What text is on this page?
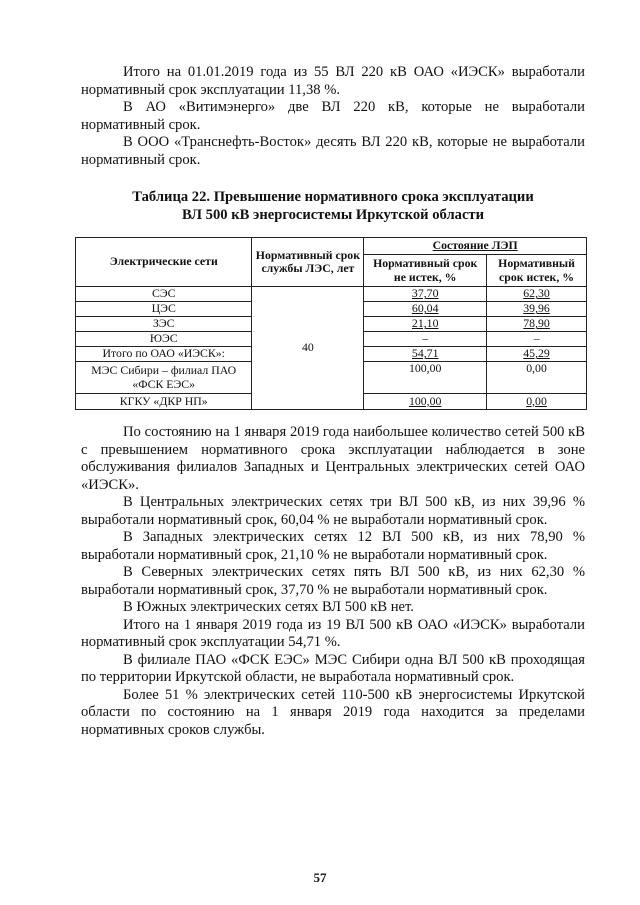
Итого на 01.01.2019 года из 55 ВЛ 220 кВ ОАО «ИЭСК» выработали нормативный срок эксплуатации 11,38 %.

В АО «Витимэнерго» две ВЛ 220 кВ, которые не выработали нормативный срок.

В ООО «Транснефть-Восток» десять ВЛ 220 кВ, которые не выработали нормативный срок.

Таблица 22. Превышение нормативного срока эксплуатации
ВЛ 500 кВ энергосистемы Иркутской области
Электрические сети	Нормативный срок службы ЛЭС, лет	Состояние ЛЭП	
		Нормативный срок не истек, %	Нормативный срок истек, %
СЭС	40	37,70	62,30
ЦЭС		60,04	39,96
ЗЭС		21,10	78,90
ЮЭС		–	–
Итого по ОАО «ИЭСК»:		54,71	45,29
МЭС Сибири – филиал ПАО «ФСК ЕЭС»		100,00	0,00
КГКУ «ДКР НП»		100,00	0,00

По состоянию на 1 января 2019 года наибольшее количество сетей 500 кВ с превышением нормативного срока эксплуатации наблюдается в зоне обслуживания филиалов Западных и Центральных электрических сетей ОАО «ИЭСК».

В Центральных электрических сетях три ВЛ 500 кВ, из них 39,96 % выработали нормативный срок, 60,04 % не выработали нормативный срок.

В Западных электрических сетях 12 ВЛ 500 кВ, из них 78,90 % выработали нормативный срок, 21,10 % не выработали нормативный срок.

В Северных электрических сетях пять ВЛ 500 кВ, из них 62,30 % выработали нормативный срок, 37,70 % не выработали нормативный срок.

В Южных электрических сетях ВЛ 500 кВ нет.

Итого на 1 января 2019 года из 19 ВЛ 500 кВ ОАО «ИЭСК» выработали нормативный срок эксплуатации 54,71 %.

В филиале ПАО «ФСК ЕЭС» МЭС Сибири одна ВЛ 500 кВ проходящая по территории Иркутской области, не выработала нормативный срок.

Более 51 % электрических сетей 110-500 кВ энергосистемы Иркутской области по состоянию на 1 января 2019 года находится за пределами нормативных сроков службы.

57
